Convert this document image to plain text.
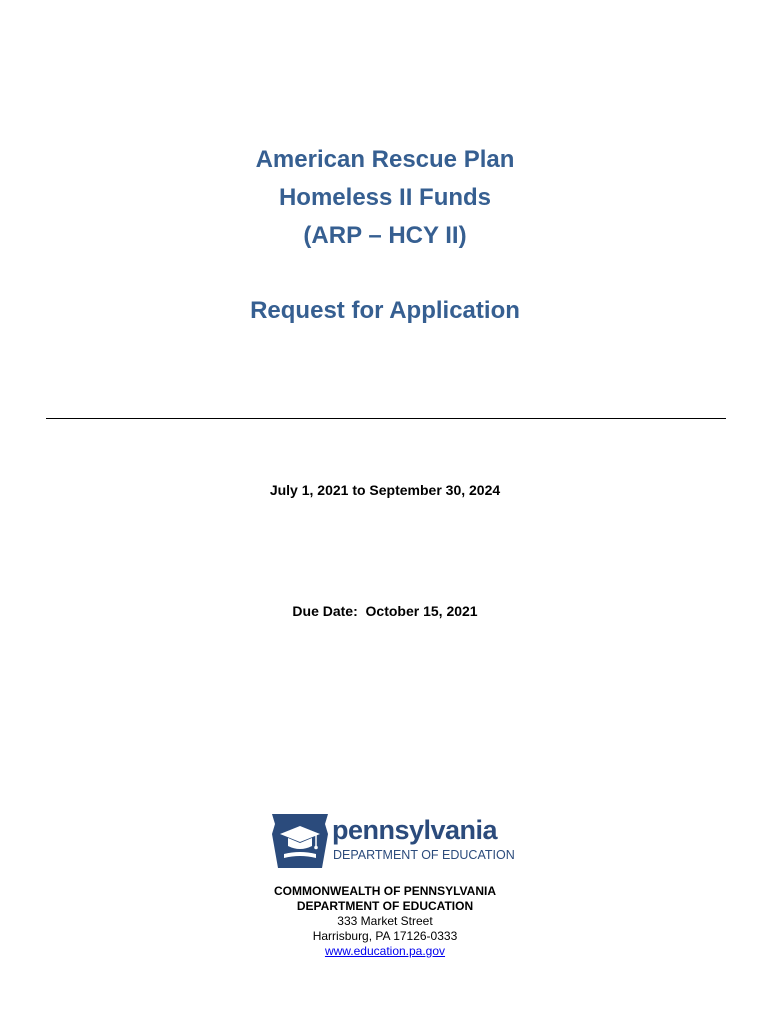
American Rescue Plan
Homeless II Funds
(ARP – HCY II)
Request for Application
July 1, 2021 to September 30, 2024
Due Date:  October 15, 2021
pennsylvania
DEPARTMENT OF EDUCATION
COMMONWEALTH OF PENNSYLVANIA
DEPARTMENT OF EDUCATION
333 Market Street
Harrisburg, PA 17126-0333
www.education.pa.gov
